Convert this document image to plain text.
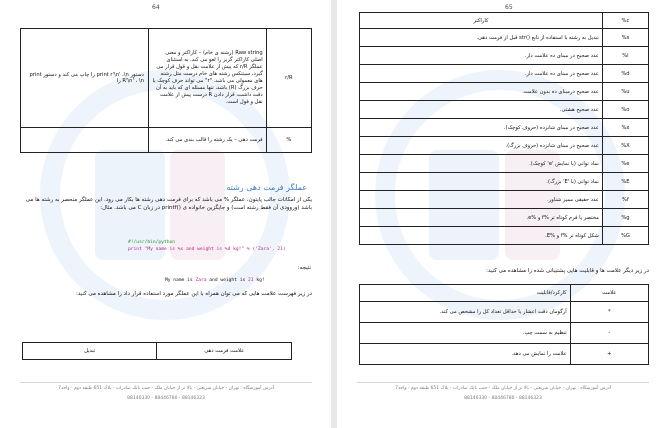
64
دستور print r'\n' ،\n را چاپ می کند و دستور print R'\n' ، \n را	Raw string (رشته ی خام) – کاراکتر و معنی اصلی کاراکتر گریز را لغو می کند. به استثنای عملگر r/R که پیش از علامت نقل و قول قرار می گیرد، سینتکس رشته های خام درست مثل رشته های معمولی می باشد. "r" می تواند حرف کوچک یا حرف بزرگ (R) باشد، تنها مسئله ای که باید به آن دقت داشت، قرار دادن R درست پیش از علامت نقل و قول است.	r/R
	فرمت دهی – یک رشته را قالب بندی می کند.	%
عملگر فرمت دهی رشته
یکی از امکانات جالب پایتون، عملگر % می باشد که برای فرمت دهی رشته ها بکار می رود. این عملگر منحصر به رشته ها می باشد (وروودی آن فقط رشته است) و جایگزین خانواده ی ()printf در زبان C می باشد. مثال:
#!/usr/bin/python
print "My name is %s and weight is %d kg!" % ('Zara', 21)
نتیجه:
My name is Zara and weight is 21 kg!
در زیر فهرست علامت هایی که می توان همراه با این عملگر مورد استفاده قرار داد را مشاهده می کنید:
تبدیل	علامت فرمت دهی
آدرس آموزشگاه : تهران - خیابان شریعتی - بالا تر از خیابان ملک - جنب بانک صادرات - پلاک 651 طبقه دوم - واحد7
88146323 - 88446780 - 88146330
65
کاراکتر	%c
تبدیل به رشته با استفاده از تابع ()str قبل از فرمت دهی.	%s
عدد صحیح در مبنای ده علامت دار.	%i
عدد صحیح در مبنای ده علامت دار.	%d
عدد صحیح درمبنای ده بدون علامت.	%u
عدد صحیح هشتی.	%o
عدد صحیح در مبنای شانزده (حروف کوچک).	%x
عدد صحیح در مبنای شانزده (حروف بزرگ).	%X
نماد توانی (با نمایش 'e' کوچک).	%e
نماد توانی (با 'E' بزرگ).	%E
عدد حقیقی ممیز شناور.	%f
مختصر یا فرم کوتاه تر %f و %e.	%g
شکل کوتاه تر %f و %E.	%G
در زیر دیگر علامت ها و قابلیت هایی پشتیبانی شده را مشاهده می کنید:
کارکرد/قابلیت	علامت
آرگومان دقت اعشار یا حداقل تعداد کل را مشخص می کند.	*
تنظیم به سمت چپ.	-
علامت را نمایش می دهد.	+
آدرس آموزشگاه : تهران - خیابان شریعتی - بالا تر از خیابان ملک - جنب بانک صادرات - پلاک 651 طبقه دوم - واحد7
88146323 - 88446780 - 88146330
